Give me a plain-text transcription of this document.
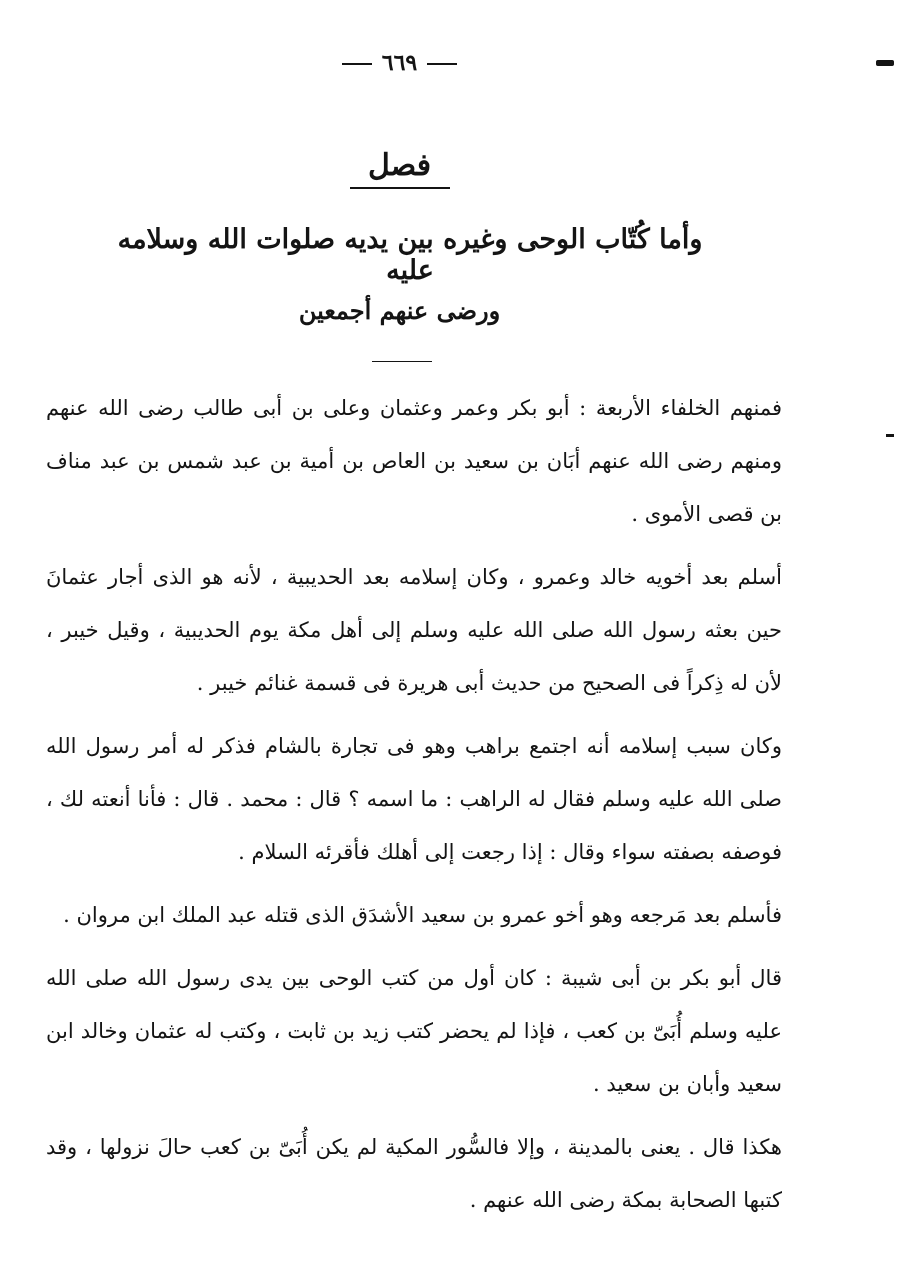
٦٦٩
فصل
وأما كُتّاب الوحى وغيره بين يديه صلوات الله وسلامه عليه
ورضى عنهم أجمعين

فمنهم الخلفاء الأربعة : أبو بكر وعمر وعثمان وعلى بن أبى طالب رضى الله عنهم ومنهم رضى الله عنهم أبَان بن سعيد بن العاص بن أمية بن عبد شمس بن عبد مناف بن قصى الأموى .

أسلم بعد أخويه خالد وعمرو ، وكان إسلامه بعد الحديبية ، لأنه هو الذى أجار عثمانَ حين بعثه رسول الله صلى الله عليه وسلم إلى أهل مكة يوم الحديبية ، وقيل خيبر ، لأن له ذِكراً فى الصحيح من حديث أبى هريرة فى قسمة غنائم خيبر .

وكان سبب إسلامه أنه اجتمع براهب وهو فى تجارة بالشام فذكر له أمر رسول الله صلى الله عليه وسلم فقال له الراهب : ما اسمه ؟ قال : محمد . قال : فأنا أنعته لك ، فوصفه بصفته سواء وقال : إذا رجعت إلى أهلك فأقرئه السلام .

فأسلم بعد مَرجعه وهو أخو عمرو بن سعيد الأشدَق الذى قتله عبد الملك ابن مروان .

قال أبو بكر بن أبى شيبة : كان أول من كتب الوحى بين يدى رسول الله صلى الله عليه وسلم أُبَىّ بن كعب ، فإذا لم يحضر كتب زيد بن ثابت ، وكتب له عثمان وخالد ابن سعيد وأبان بن سعيد .

هكذا قال . يعنى بالمدينة ، وإلا فالسُّور المكية لم يكن أُبَىّ بن كعب حالَ نزولها ، وقد كتبها الصحابة بمكة رضى الله عنهم .
